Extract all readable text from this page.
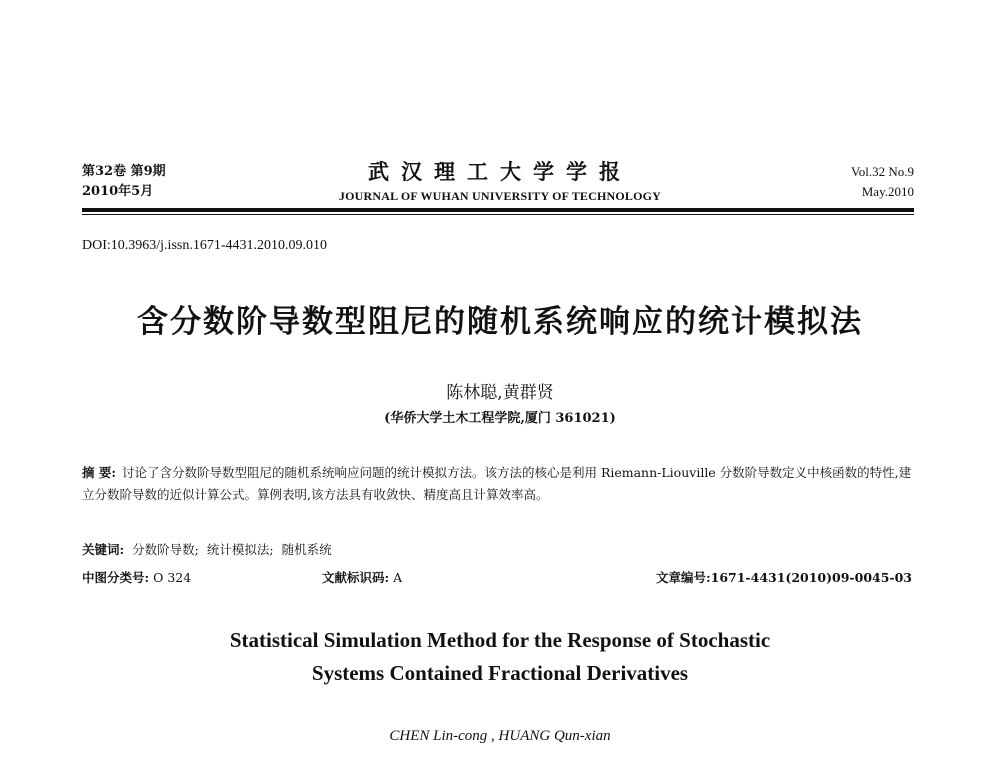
第32卷 第9期
2010年5月
武汉理工大学学报
JOURNAL OF WUHAN UNIVERSITY OF TECHNOLOGY
Vol.32 No.9
May.2010
DOI:10.3963/j.issn.1671-4431.2010.09.010
含分数阶导数型阻尼的随机系统响应的统计模拟法
陈林聪,黄群贤
(华侨大学土木工程学院,厦门 361021)
摘 要: 讨论了含分数阶导数型阻尼的随机系统响应问题的统计模拟方法。该方法的核心是利用 Riemann-Liouville 分数阶导数定义中核函数的特性,建立分数阶导数的近似计算公式。算例表明,该方法具有收敛快、精度高且计算效率高。
关键词: 分数阶导数; 统计模拟法; 随机系统
中图分类号: O 324	文献标识码: A	文章编号:1671-4431(2010)09-0045-03
Statistical Simulation Method for the Response of Stochastic
Systems Contained Fractional Derivatives
CHEN Lin-cong , HUANG Qun-xian
